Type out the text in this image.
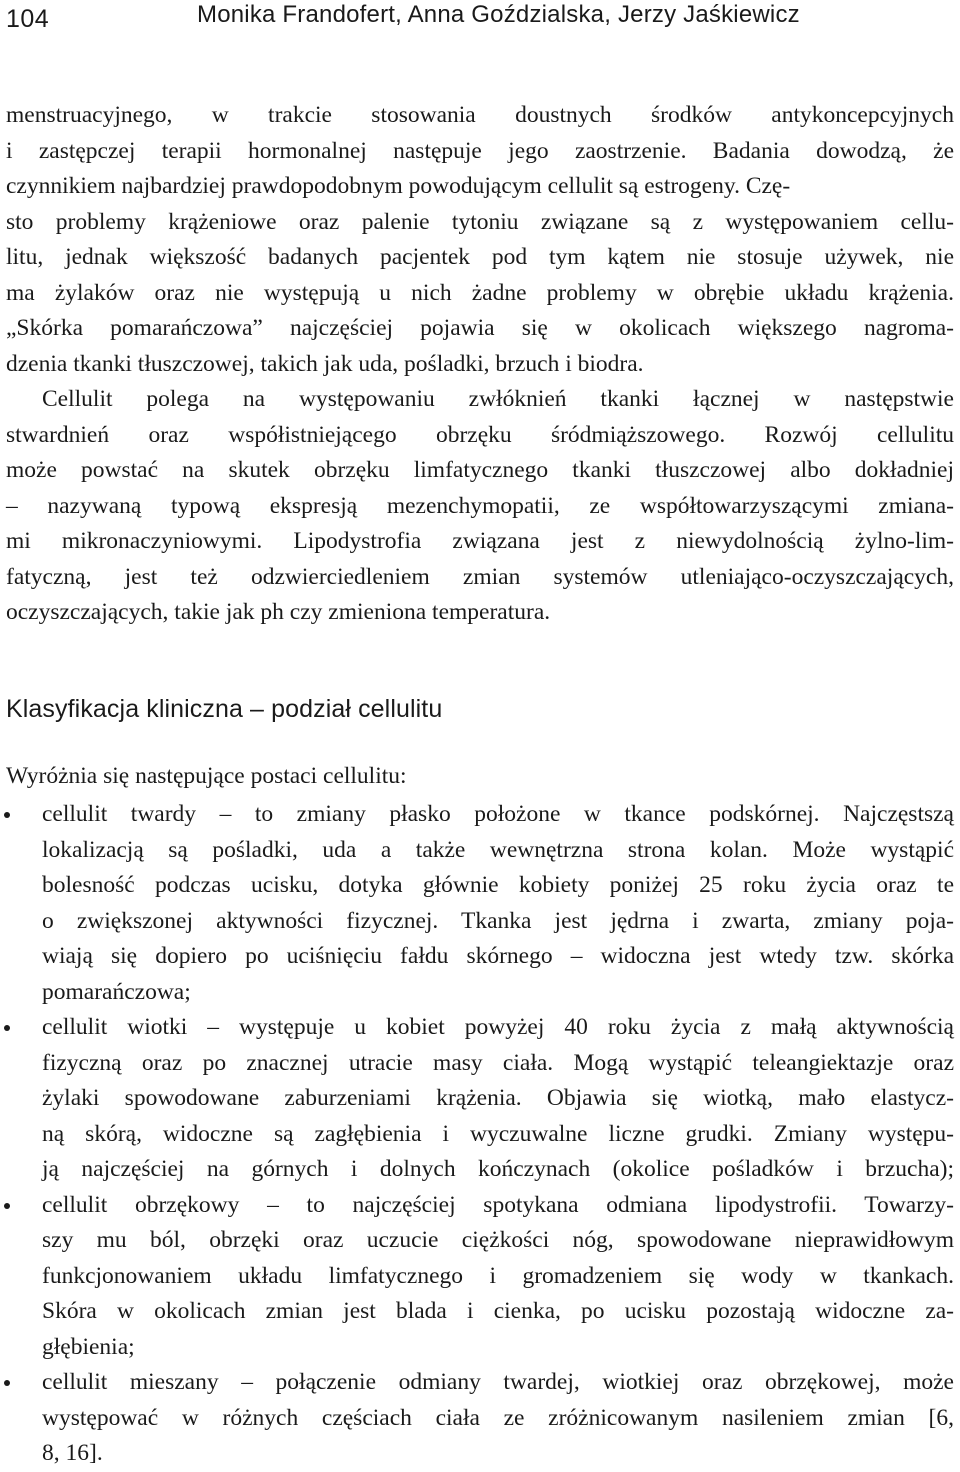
104	Monika Frandofert, Anna Goździalska, Jerzy Jaśkiewicz
menstruacyjnego, w trakcie stosowania doustnych środków antykoncepcyjnych
i zastępczej terapii hormonalnej następuje jego zaostrzenie. Badania dowodzą, że
czynnikiem najbardziej prawdopodobnym powodującym cellulit są estrogeny. Czę-
sto problemy krążeniowe oraz palenie tytoniu związane są z występowaniem cellu-
litu, jednak większość badanych pacjentek pod tym kątem nie stosuje używek, nie
ma żylaków oraz nie występują u nich żadne problemy w obrębie układu krążenia.
„Skórka pomarańczowa” najczęściej pojawia się w okolicach większego nagroma-
dzenia tkanki tłuszczowej, takich jak uda, pośladki, brzuch i biodra.
Cellulit polega na występowaniu zwłóknień tkanki łącznej w następstwie
stwardnień oraz współistniejącego obrzęku śródmiąższowego. Rozwój cellulitu
może powstać na skutek obrzęku limfatycznego tkanki tłuszczowej albo dokładniej
– nazywaną typową ekspresją mezenchymopatii, ze współtowarzyszącymi zmiana-
mi mikronaczyniowymi. Lipodystrofia związana jest z niewydolnością żylno-lim-
fatyczną, jest też odzwierciedleniem zmian systemów utleniająco-oczyszczających,
oczyszczających, takie jak ph czy zmieniona temperatura.
Klasyfikacja kliniczna – podział cellulitu

Wyróżnia się następujące postaci cellulitu:

cellulit twardy – to zmiany płasko położone w tkance podskórnej. Najczęstszą
lokalizacją są pośladki, uda a także wewnętrzna strona kolan. Może wystąpić
bolesność podczas ucisku, dotyka głównie kobiety poniżej 25 roku życia oraz te
o zwiększonej aktywności fizycznej. Tkanka jest jędrna i zwarta, zmiany poja-
wiają się dopiero po uciśnięciu fałdu skórnego – widoczna jest wtedy tzw. skórka
pomarańczowa;
cellulit wiotki – występuje u kobiet powyżej 40 roku życia z małą aktywnością
fizyczną oraz po znacznej utracie masy ciała. Mogą wystąpić teleangiektazje oraz
żylaki spowodowane zaburzeniami krążenia. Objawia się wiotką, mało elastycz-
ną skórą, widoczne są zagłębienia i wyczuwalne liczne grudki. Zmiany występu-
ją najczęściej na górnych i dolnych kończynach (okolice pośladków i brzucha);
cellulit obrzękowy – to najczęściej spotykana odmiana lipodystrofii. Towarzy-
szy mu ból, obrzęki oraz uczucie ciężkości nóg, spowodowane nieprawidłowym
funkcjonowaniem układu limfatycznego i gromadzeniem się wody w tkankach.
Skóra w okolicach zmian jest blada i cienka, po ucisku pozostają widoczne za-
głębienia;
cellulit mieszany – połączenie odmiany twardej, wiotkiej oraz obrzękowej, może
występować w różnych częściach ciała ze zróżnicowanym nasileniem zmian [6,
8, 16].
